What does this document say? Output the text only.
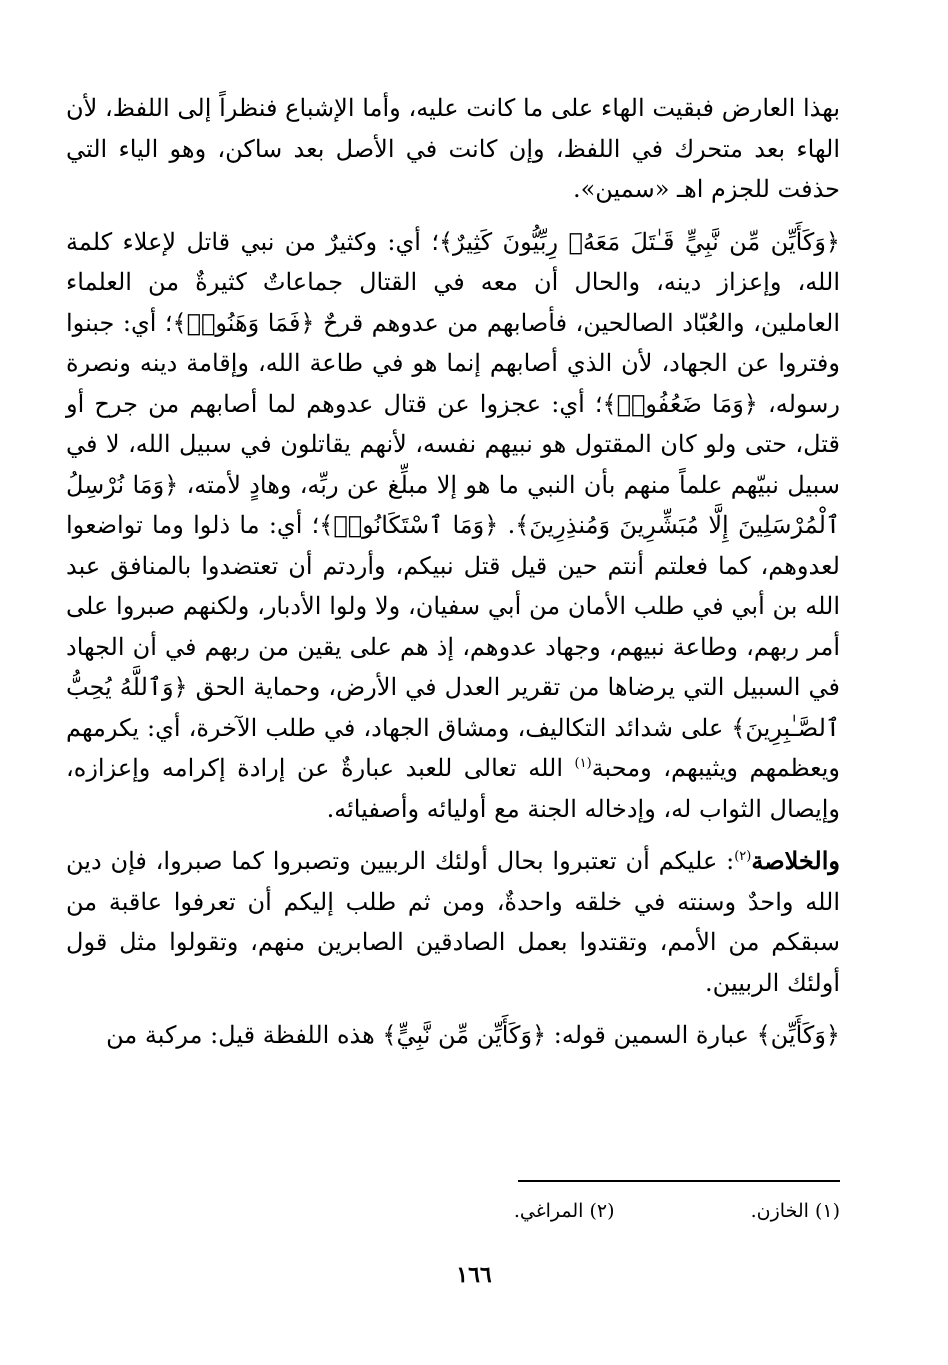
بهذا العارض فبقيت الهاء على ما كانت عليه، وأما الإشباع فنظراً إلى اللفظ، لأن الهاء بعد متحرك في اللفظ، وإن كانت في الأصل بعد ساكن، وهو الياء التي حذفت للجزم اهـ «سمين».

﴿وَكَأَيِّن مِّن نَّبِيٍّ قَـٰتَلَ مَعَهُۥ رِبِّيُّونَ كَثِيرٌ﴾؛ أي: وكثيرٌ من نبي قاتل لإعلاء كلمة الله، وإعزاز دينه، والحال أن معه في القتال جماعاتٌ كثيرةٌ من العلماء العاملين، والعُبّاد الصالحين، فأصابهم من عدوهم قرحٌ ﴿فَمَا وَهَنُوا۟﴾؛ أي: جبنوا وفتروا عن الجهاد، لأن الذي أصابهم إنما هو في طاعة الله، وإقامة دينه ونصرة رسوله، ﴿وَمَا ضَعُفُوا۟﴾؛ أي: عجزوا عن قتال عدوهم لما أصابهم من جرح أو قتل، حتى ولو كان المقتول هو نبيهم نفسه، لأنهم يقاتلون في سبيل الله، لا في سبيل نبيّهم علماً منهم بأن النبي ما هو إلا مبلِّغ عن ربِّه، وهادٍ لأمته، ﴿وَمَا نُرْسِلُ ٱلْمُرْسَلِينَ إِلَّا مُبَشِّرِينَ وَمُنذِرِينَ﴾. ﴿وَمَا ٱسْتَكَانُوا۟﴾؛ أي: ما ذلوا وما تواضعوا لعدوهم، كما فعلتم أنتم حين قيل قتل نبيكم، وأردتم أن تعتضدوا بالمنافق عبد الله بن أبي في طلب الأمان من أبي سفيان، ولا ولوا الأدبار، ولكنهم صبروا على أمر ربهم، وطاعة نبيهم، وجهاد عدوهم، إذ هم على يقين من ربهم في أن الجهاد في السبيل التي يرضاها من تقرير العدل في الأرض، وحماية الحق ﴿وَٱللَّهُ يُحِبُّ ٱلصَّـٰبِرِينَ﴾ على شدائد التكاليف، ومشاق الجهاد، في طلب الآخرة، أي: يكرمهم ويعظمهم ويثيبهم، ومحبة$^{(١)}$ الله تعالى للعبد عبارةٌ عن إرادة إكرامه وإعزازه، وإيصال الثواب له، وإدخاله الجنة مع أوليائه وأصفيائه.

والخلاصة$^{(٢)}$: عليكم أن تعتبروا بحال أولئك الربيين وتصبروا كما صبروا، فإن دين الله واحدٌ وسنته في خلقه واحدةٌ، ومن ثم طلب إليكم أن تعرفوا عاقبة من سبقكم من الأمم، وتقتدوا بعمل الصادقين الصابرين منهم، وتقولوا مثل قول أولئك الربيين.

﴿وَكَأَيِّن﴾ عبارة السمين قوله: ﴿وَكَأَيِّن مِّن نَّبِيٍّ﴾ هذه اللفظة قيل: مركبة من

(١) الخازن. (٢) المراغي.
١٦٦
